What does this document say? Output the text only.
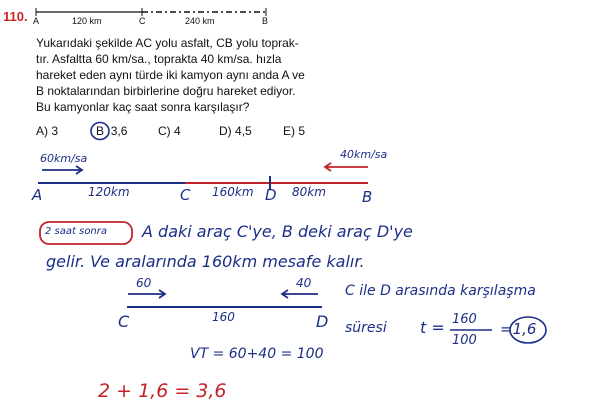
110. A	120 km	C	240 km	B
Yukarıdaki şekilde AC yolu asfalt, CB yolu toprak-
tır. Asfaltta 60 km/sa., toprakta 40 km/sa. hızla
hareket eden aynı türde iki kamyon aynı anda A ve
B noktalarından birbirlerine doğru hareket ediyor.
Bu kamyonlar kaç saat sonra karşılaşır?
A) 3	B 3,6	C) 4	D) 4,5	E) 5
60km/sa	40km/sa
A	C	D	B
120km	160km	80km
2 saat sonra A daki araç C'ye, B deki araç D'ye
gelir. Ve aralarında 160km mesafe kalır.
60	40
C	160	D
C ile D arasında karşılaşma
süresi t = 160
100
=1,6
VT = 60+40 = 100
2 + 1,6 = 3,6
